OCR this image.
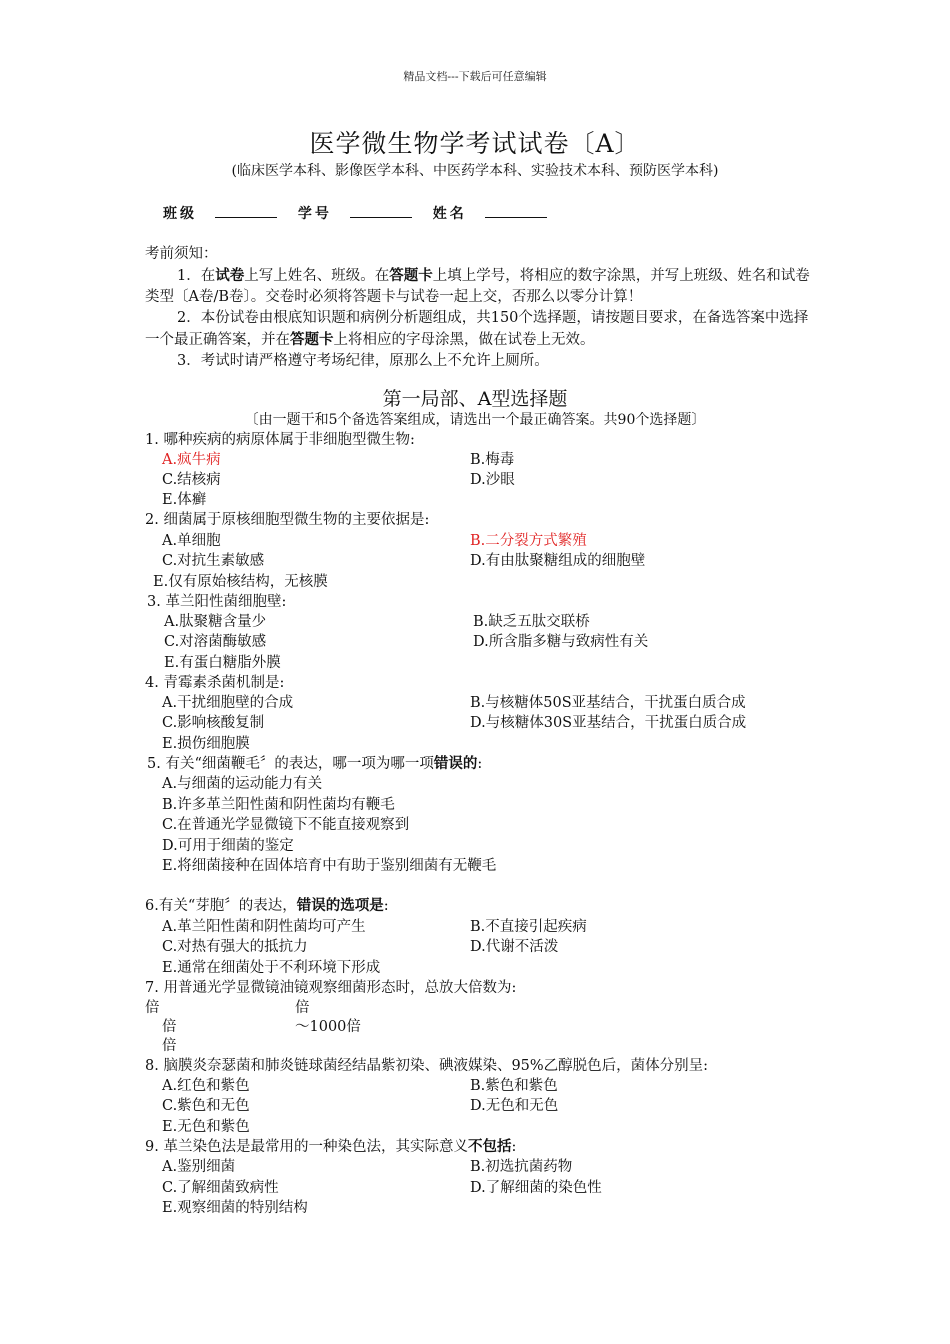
精品文档---下载后可任意编辑
医学微生物学考试试卷〔A〕
(临床医学本科、影像医学本科、中医药学本科、实验技术本科、预防医学本科)
班级	学号	姓名

考前须知：

1．在试卷上写上姓名、班级。在答题卡上填上学号，将相应的数字涂黑，并写上班级、姓名和试卷类型〔A卷/B卷〕。交卷时必须将答题卡与试卷一起上交，否那么以零分计算！

2．本份试卷由根底知识题和病例分析题组成，共150个选择题，请按题目要求，在备选答案中选择一个最正确答案，并在答题卡上将相应的字母涂黑，做在试卷上无效。

3．考试时请严格遵守考场纪律，原那么上不允许上厕所。

第一局部、A型选择题
〔由一题干和5个备选答案组成，请选出一个最正确答案。共90个选择题〕
1. 哪种疾病的病原体属于非细胞型微生物:
A.疯牛病	B.梅毒
C.结核病	D.沙眼
E.体癣
2. 细菌属于原核细胞型微生物的主要依据是:
A.单细胞	B.二分裂方式繁殖
C.对抗生素敏感	D.有由肽聚糖组成的细胞壁
E.仅有原始核结构，无核膜
3. 革兰阳性菌细胞壁:
A.肽聚糖含量少	B.缺乏五肽交联桥
C.对溶菌酶敏感	D.所含脂多糖与致病性有关
E.有蛋白糖脂外膜
4. 青霉素杀菌机制是:
A.干扰细胞壁的合成	B.与核糖体50S亚基结合，干扰蛋白质合成
C.影响核酸复制	D.与核糖体30S亚基结合，干扰蛋白质合成
E.损伤细胞膜
5. 有关“细菌鞭毛〞的表达，哪一项为哪一项错误的:
A.与细菌的运动能力有关
B.许多革兰阳性菌和阴性菌均有鞭毛
C.在普通光学显微镜下不能直接观察到
D.可用于细菌的鉴定
E.将细菌接种在固体培育中有助于鉴别细菌有无鞭毛
6.有关“芽胞〞的表达，错误的选项是:
A.革兰阳性菌和阴性菌均可产生	B.不直接引起疾病
C.对热有强大的抵抗力	D.代谢不活泼
E.通常在细菌处于不利环境下形成
7. 用普通光学显微镜油镜观察细菌形态时，总放大倍数为:
倍	倍
倍	～1000倍
倍
8. 脑膜炎奈瑟菌和肺炎链球菌经结晶紫初染、碘液媒染、95%乙醇脱色后，菌体分别呈:
A.红色和紫色	B.紫色和紫色
C.紫色和无色	D.无色和无色
E.无色和紫色
9. 革兰染色法是最常用的一种染色法，其实际意义不包括:
A.鉴别细菌	B.初选抗菌药物
C.了解细菌致病性	D.了解细菌的染色性
E.观察细菌的特别结构
